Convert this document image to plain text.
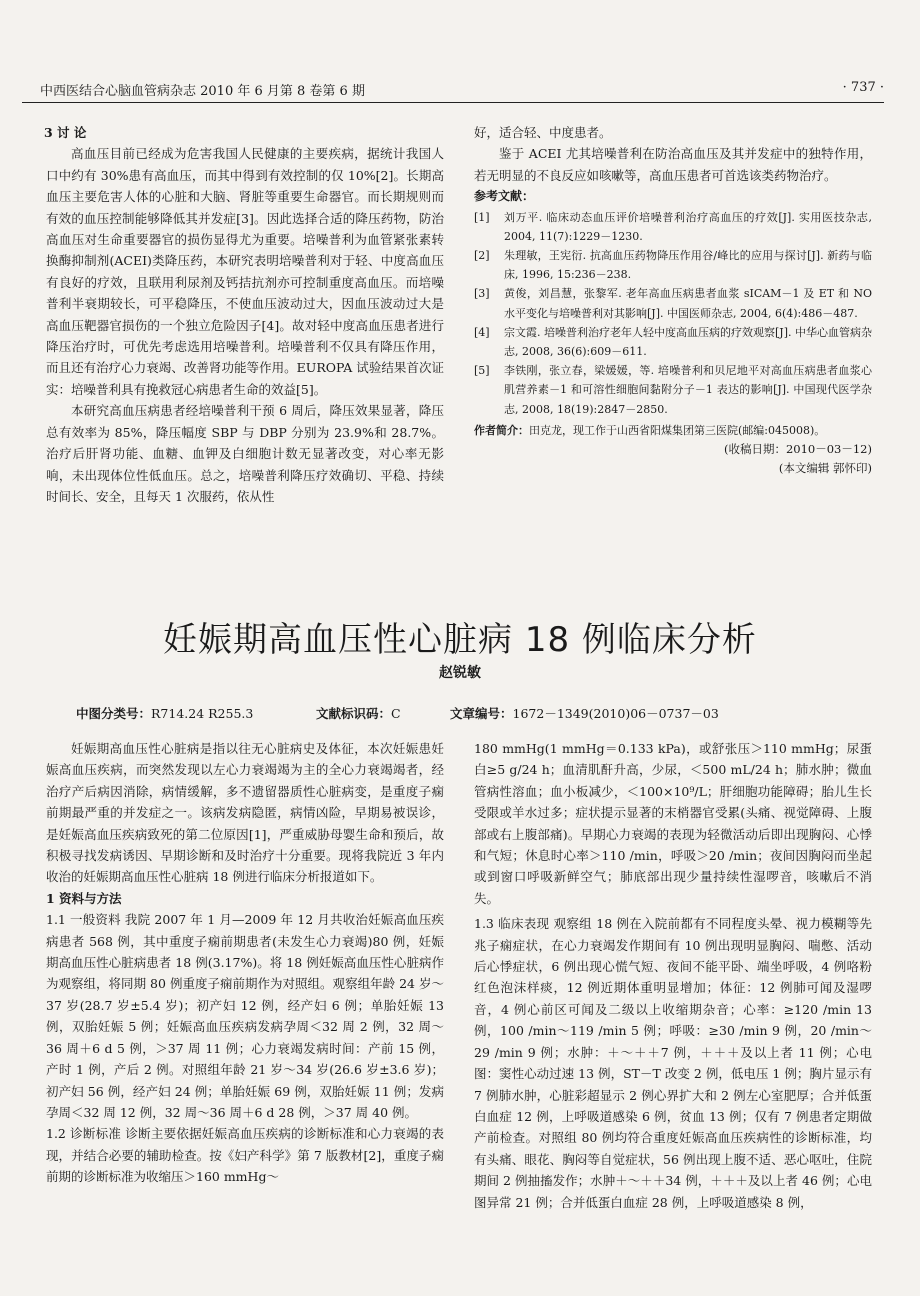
中西医结合心脑血管病杂志 2010 年 6 月第 8 卷第 6 期	· 737 ·

3 讨 论

高血压目前已经成为危害我国人民健康的主要疾病，据统计我国人口中约有 30%患有高血压，而其中得到有效控制的仅 10%[2]。长期高血压主要危害人体的心脏和大脑、肾脏等重要生命器官。而长期规则而有效的血压控制能够降低其并发症[3]。因此选择合适的降压药物，防治高血压对生命重要器官的损伤显得尤为重要。培噪普利为血管紧张素转换酶抑制剂(ACEI)类降压药，本研究表明培噪普利对于轻、中度高血压有良好的疗效，且联用利尿剂及钙拮抗剂亦可控制重度高血压。而培噪普利半衰期较长，可平稳降压，不使血压波动过大，因血压波动过大是高血压靶器官损伤的一个独立危险因子[4]。故对轻中度高血压患者进行降压治疗时，可优先考虑选用培噪普利。培噪普利不仅具有降压作用，而且还有治疗心力衰竭、改善肾功能等作用。EUROPA 试验结果首次证实：培噪普利具有挽救冠心病患者生命的效益[5]。

本研究高血压病患者经培噪普利干预 6 周后，降压效果显著，降压总有效率为 85%，降压幅度 SBP 与 DBP 分别为 23.9%和 28.7%。治疗后肝肾功能、血糖、血钾及白细胞计数无显著改变，对心率无影响，未出现体位性低血压。总之，培噪普利降压疗效确切、平稳、持续时间长、安全，且每天 1 次服药，依从性

好，适合轻、中度患者。

鉴于 ACEI 尤其培噪普利在防治高血压及其并发症中的独特作用，若无明显的不良反应如咳嗽等，高血压患者可首选该类药物治疗。

参考文献：

[1]	刘万平. 临床动态血压评价培噪普利治疗高血压的疗效[J]. 实用医技杂志, 2004, 11(7):1229－1230.
[2]	朱理敏，王宪衍. 抗高血压药物降压作用谷/峰比的应用与探讨[J]. 新药与临床, 1996, 15:236－238.
[3]	黄俊，刘昌慧，张黎军. 老年高血压病患者血浆 sICAM－1 及 ET 和 NO 水平变化与培噪普利对其影响[J]. 中国医师杂志, 2004, 6(4):486－487.
[4]	宗文霞. 培噪普利治疗老年人轻中度高血压病的疗效观察[J]. 中华心血管病杂志, 2008, 36(6):609－611.
[5]	李铁刚，张立春，梁媛媛，等. 培噪普利和贝尼地平对高血压病患者血浆心肌营养素－1 和可溶性细胞间黏附分子－1 表达的影响[J]. 中国现代医学杂志, 2008, 18(19):2847－2850.
作者简介：田克龙，现工作于山西省阳煤集团第三医院(邮编:045008)。
(收稿日期：2010－03－12)
(本文编辑 郭怀印)
妊娠期高血压性心脏病 18 例临床分析
赵锐敏
中图分类号：R714.24 R255.3	文献标识码：C	文章编号：1672－1349(2010)06－0737－03

妊娠期高血压性心脏病是指以往无心脏病史及体征，本次妊娠患妊娠高血压疾病，而突然发现以左心力衰竭竭为主的全心力衰竭竭者，经治疗产后病因消除，病情缓解，多不遗留器质性心脏病变，是重度子痫前期最严重的并发症之一。该病发病隐匿，病情凶险，早期易被误诊，是妊娠高血压疾病致死的第二位原因[1]，严重威胁母婴生命和预后，故积极寻找发病诱因、早期诊断和及时治疗十分重要。现将我院近 3 年内收治的妊娠期高血压性心脏病 18 例进行临床分析报道如下。

1 资料与方法

1.1 一般资料 我院 2007 年 1 月—2009 年 12 月共收治妊娠高血压疾病患者 568 例，其中重度子痫前期患者(未发生心力衰竭)80 例，妊娠期高血压性心脏病患者 18 例(3.17%)。将 18 例妊娠高血压性心脏病作为观察组，将同期 80 例重度子痫前期作为对照组。观察组年龄 24 岁～37 岁(28.7 岁±5.4 岁)；初产妇 12 例，经产妇 6 例；单胎妊娠 13 例，双胎妊娠 5 例；妊娠高血压疾病发病孕周＜32 周 2 例，32 周～36 周＋6 d 5 例，＞37 周 11 例；心力衰竭发病时间：产前 15 例，产时 1 例，产后 2 例。对照组年龄 21 岁～34 岁(26.6 岁±3.6 岁)；初产妇 56 例，经产妇 24 例；单胎妊娠 69 例，双胎妊娠 11 例；发病孕周＜32 周 12 例，32 周～36 周＋6 d 28 例，＞37 周 40 例。

1.2 诊断标准 诊断主要依据妊娠高血压疾病的诊断标准和心力衰竭的表现，并结合必要的辅助检查。按《妇产科学》第 7 版教材[2]，重度子痫前期的诊断标准为收缩压＞160 mmHg～

180 mmHg(1 mmHg＝0.133 kPa)，或舒张压＞110 mmHg；尿蛋白≥5 g/24 h；血清肌酐升高，少尿，＜500 mL/24 h；肺水肿；微血管病性溶血；血小板减少，＜100×10⁹/L；肝细胞功能障碍；胎儿生长受限或羊水过多；症状提示显著的末梢器官受累(头痛、视觉障碍、上腹部或右上腹部痛)。早期心力衰竭的表现为轻微活动后即出现胸闷、心悸和气短；休息时心率＞110 /min，呼吸＞20 /min；夜间因胸闷而坐起或到窗口呼吸新鲜空气；肺底部出现少量持续性湿啰音，咳嗽后不消失。

1.3 临床表现 观察组 18 例在入院前都有不同程度头晕、视力模糊等先兆子痫症状，在心力衰竭发作期间有 10 例出现明显胸闷、喘憋、活动后心悸症状，6 例出现心慌气短、夜间不能平卧、端坐呼吸，4 例咯粉红色泡沫样痰，12 例近期体重明显增加；体征：12 例肺可闻及湿啰音，4 例心前区可闻及二级以上收缩期杂音；心率：≥120 /min 13 例，100 /min～119 /min 5 例；呼吸：≥30 /min 9 例，20 /min～29 /min 9 例；水肿：＋～＋＋7 例，＋＋＋及以上者 11 例；心电图：窦性心动过速 13 例，ST－T 改变 2 例，低电压 1 例；胸片显示有 7 例肺水肿，心脏彩超显示 2 例心界扩大和 2 例左心室肥厚；合并低蛋白血症 12 例，上呼吸道感染 6 例，贫血 13 例；仅有 7 例患者定期做产前检查。对照组 80 例均符合重度妊娠高血压疾病性的诊断标准，均有头痛、眼花、胸闷等自觉症状，56 例出现上腹不适、恶心呕吐，住院期间 2 例抽搐发作；水肿＋～＋＋34 例，＋＋＋及以上者 46 例；心电图异常 21 例；合并低蛋白血症 28 例，上呼吸道感染 8 例，
